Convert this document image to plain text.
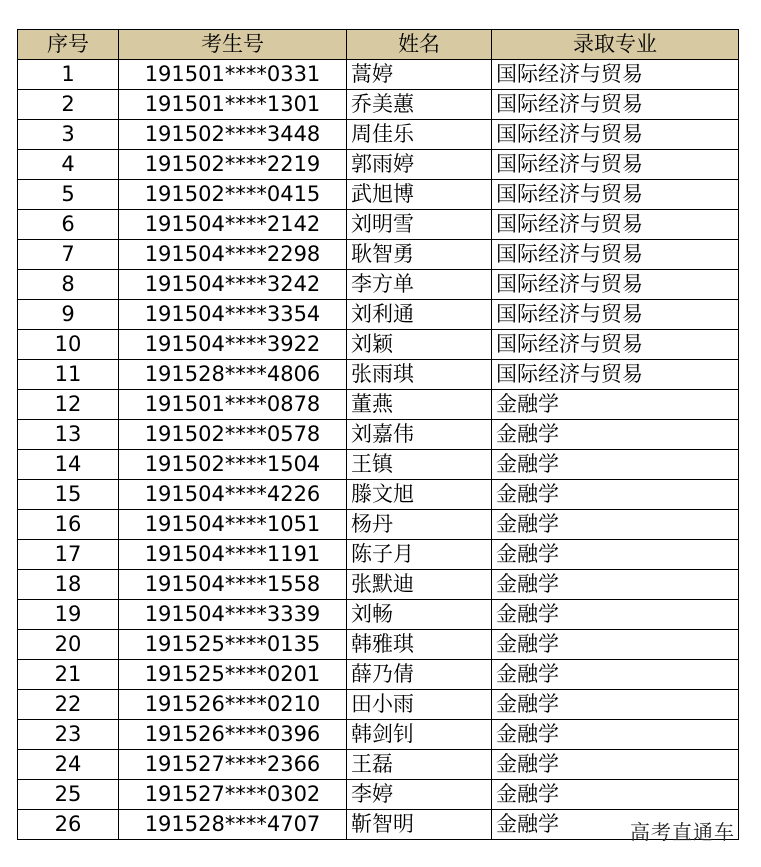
序号	考生号	姓名	录取专业
1	191501****0331	蒿婷	国际经济与贸易
2	191501****1301	乔美蕙	国际经济与贸易
3	191502****3448	周佳乐	国际经济与贸易
4	191502****2219	郭雨婷	国际经济与贸易
5	191502****0415	武旭博	国际经济与贸易
6	191504****2142	刘明雪	国际经济与贸易
7	191504****2298	耿智勇	国际经济与贸易
8	191504****3242	李方单	国际经济与贸易
9	191504****3354	刘利通	国际经济与贸易
10	191504****3922	刘颖	国际经济与贸易
11	191528****4806	张雨琪	国际经济与贸易
12	191501****0878	董燕	金融学
13	191502****0578	刘嘉伟	金融学
14	191502****1504	王镇	金融学
15	191504****4226	滕文旭	金融学
16	191504****1051	杨丹	金融学
17	191504****1191	陈子月	金融学
18	191504****1558	张默迪	金融学
19	191504****3339	刘畅	金融学
20	191525****0135	韩雅琪	金融学
21	191525****0201	薛乃倩	金融学
22	191526****0210	田小雨	金融学
23	191526****0396	韩剑钊	金融学
24	191527****2366	王磊	金融学
25	191527****0302	李婷	金融学
26	191528****4707	靳智明	金融学	高考直通车
